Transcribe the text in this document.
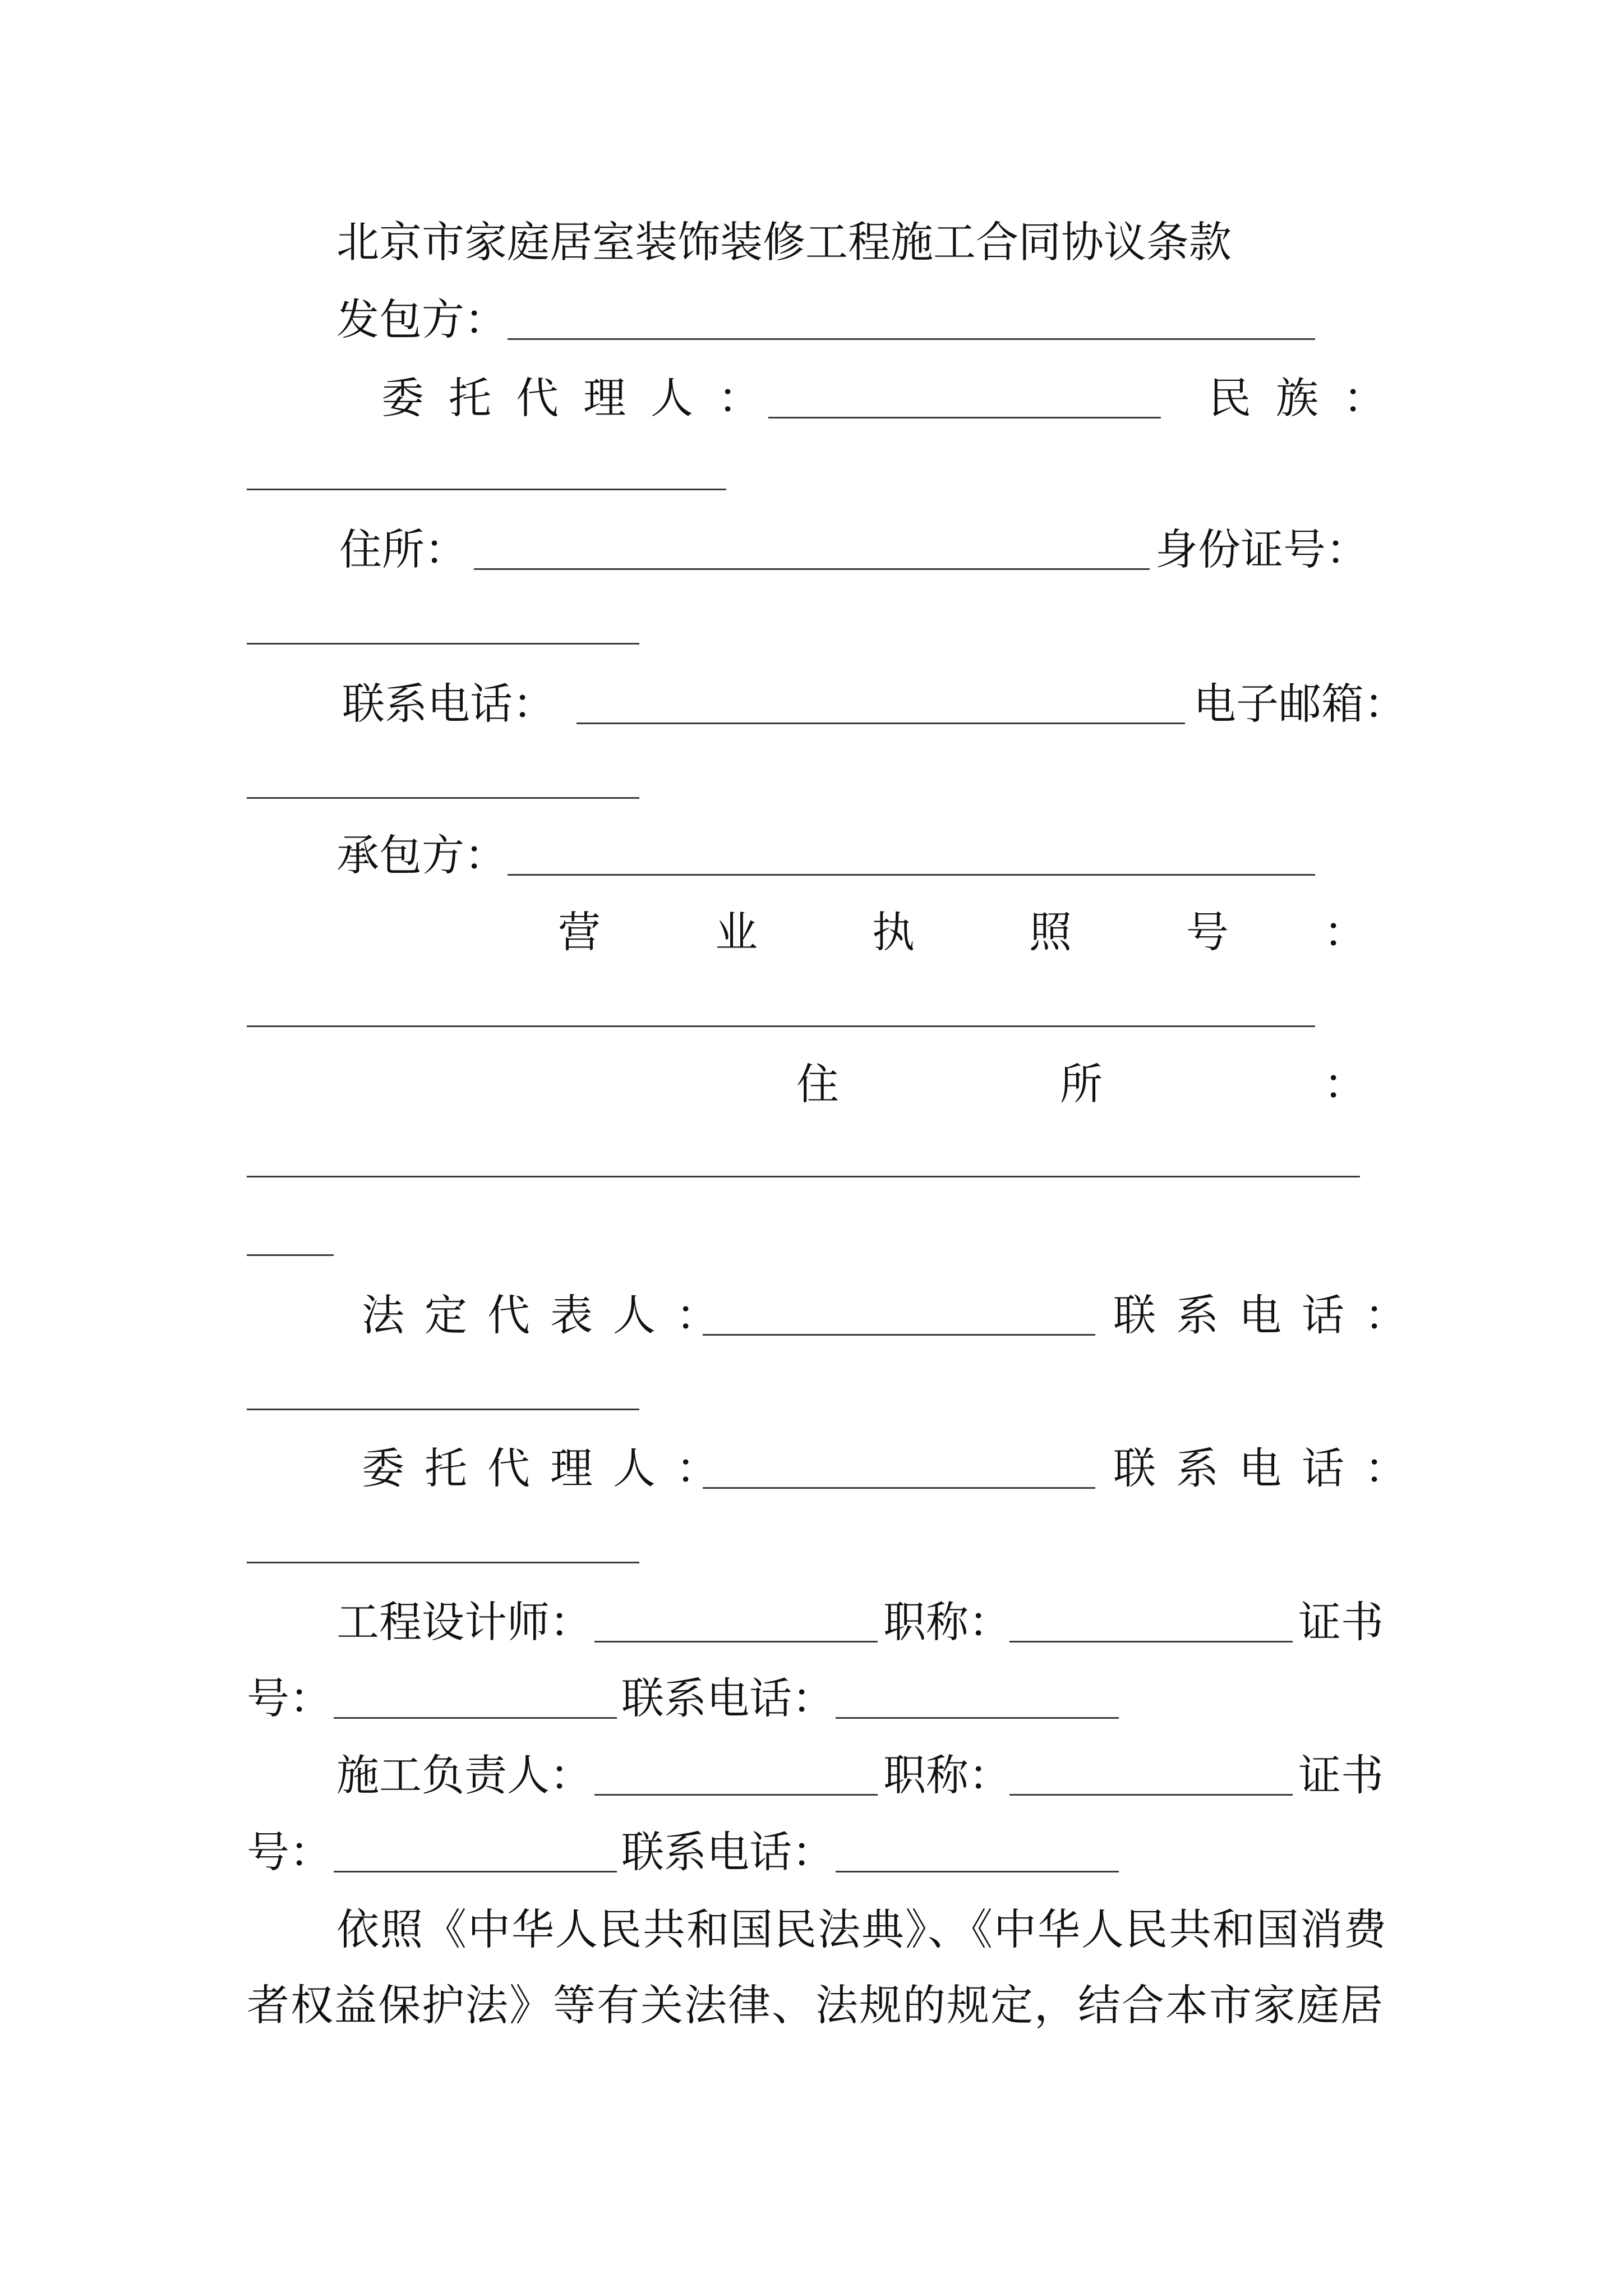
北京市家庭居室装饰装修工程施工合同协议条款
发包方：
委托代理人：	民族：
住所：	身份证号：
联系电话：	电子邮箱：
承包方：
营	业	执	照	号 ：
住	所	：
法定代表人：	联系电话：
委托代理人：	联系电话：
工程设计师：	职称：	证书
号：	联系电话：
施工负责人：	职称：	证书
号：	联系电话：
依照《中华人民共和国民法典》、《中华人民共和国消费
者权益保护法》等有关法律、法规的规定，结合本市家庭居
